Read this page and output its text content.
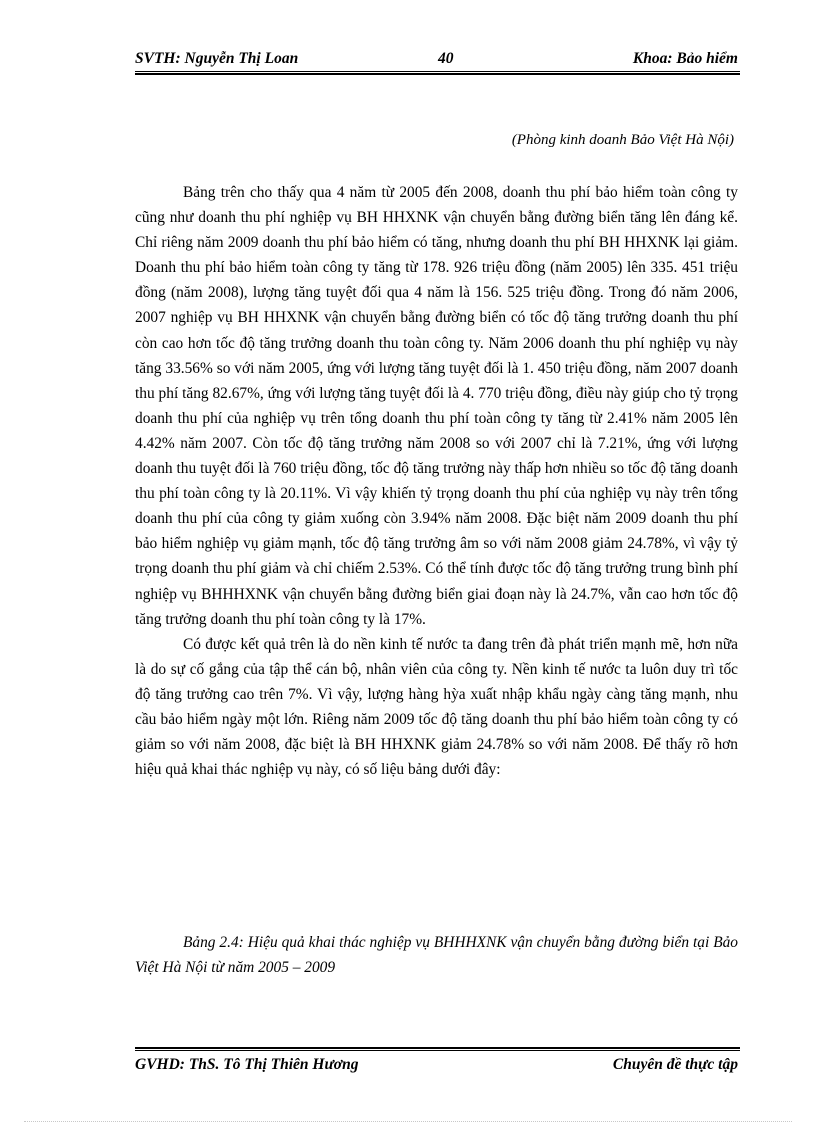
SVTH: Nguyễn Thị Loan	40	Khoa: Bảo hiểm
(Phòng kinh doanh Bảo Việt Hà Nội)

Bảng trên cho thấy qua 4 năm từ 2005 đến 2008, doanh thu phí bảo hiểm toàn công ty cũng như doanh thu phí nghiệp vụ BH HHXNK vận chuyển bằng đường biển tăng lên đáng kể. Chỉ riêng năm 2009 doanh thu phí bảo hiểm có tăng, nhưng doanh thu phí BH HHXNK lại giảm. Doanh thu phí bảo hiểm toàn công ty tăng từ 178. 926 triệu đồng (năm 2005) lên 335. 451 triệu đồng (năm 2008), lượng tăng tuyệt đối qua 4 năm là 156. 525 triệu đồng. Trong đó năm 2006, 2007 nghiệp vụ BH HHXNK vận chuyển bằng đường biển có tốc độ tăng trưởng doanh thu phí còn cao hơn tốc độ tăng trưởng doanh thu toàn công ty. Năm 2006 doanh thu phí nghiệp vụ này tăng 33.56% so với năm 2005, ứng với lượng tăng tuyệt đối là 1. 450 triệu đồng, năm 2007 doanh thu phí tăng 82.67%, ứng với lượng tăng tuyệt đối là 4. 770 triệu đồng, điều này giúp cho tỷ trọng doanh thu phí của nghiệp vụ trên tổng doanh thu phí toàn công ty tăng từ 2.41% năm 2005 lên 4.42% năm 2007. Còn tốc độ tăng trưởng năm 2008 so với 2007 chỉ là 7.21%, ứng với lượng doanh thu tuyệt đối là 760 triệu đồng, tốc độ tăng trưởng này thấp hơn nhiều so tốc độ tăng doanh thu phí toàn công ty là 20.11%. Vì vậy khiến tỷ trọng doanh thu phí của nghiệp vụ này trên tổng doanh thu phí của công ty giảm xuống còn 3.94% năm 2008. Đặc biệt năm 2009 doanh thu phí bảo hiểm nghiệp vụ giảm mạnh, tốc độ tăng trưởng âm so với năm 2008 giảm 24.78%, vì vậy tỷ trọng doanh thu phí giảm và chỉ chiếm 2.53%. Có thể tính được tốc độ tăng trưởng trung bình phí nghiệp vụ BHHHXNK vận chuyển bằng đường biển giai đoạn này là 24.7%, vẫn cao hơn tốc độ tăng trưởng doanh thu phí toàn công ty là 17%.

Có được kết quả trên là do nền kinh tế nước ta đang trên đà phát triển mạnh mẽ, hơn nữa là do sự cố gắng của tập thể cán bộ, nhân viên của công ty. Nền kinh tế nước ta luôn duy trì tốc độ tăng trưởng cao trên 7%. Vì vậy, lượng hàng hỳa xuất nhập khẩu ngày càng tăng mạnh, nhu cầu bảo hiểm ngày một lớn. Riêng năm 2009 tốc độ tăng doanh thu phí bảo hiểm toàn công ty có giảm so với năm 2008, đặc biệt là BH HHXNK giảm 24.78% so với năm 2008. Để thấy rõ hơn hiệu quả khai thác nghiệp vụ này, có số liệu bảng dưới đây:

Bảng 2.4: Hiệu quả khai thác nghiệp vụ BHHHXNK vận chuyển bằng đường biển tại Bảo Việt Hà Nội từ năm 2005 – 2009

GVHD: ThS. Tô Thị Thiên Hương	Chuyên đề thực tập
